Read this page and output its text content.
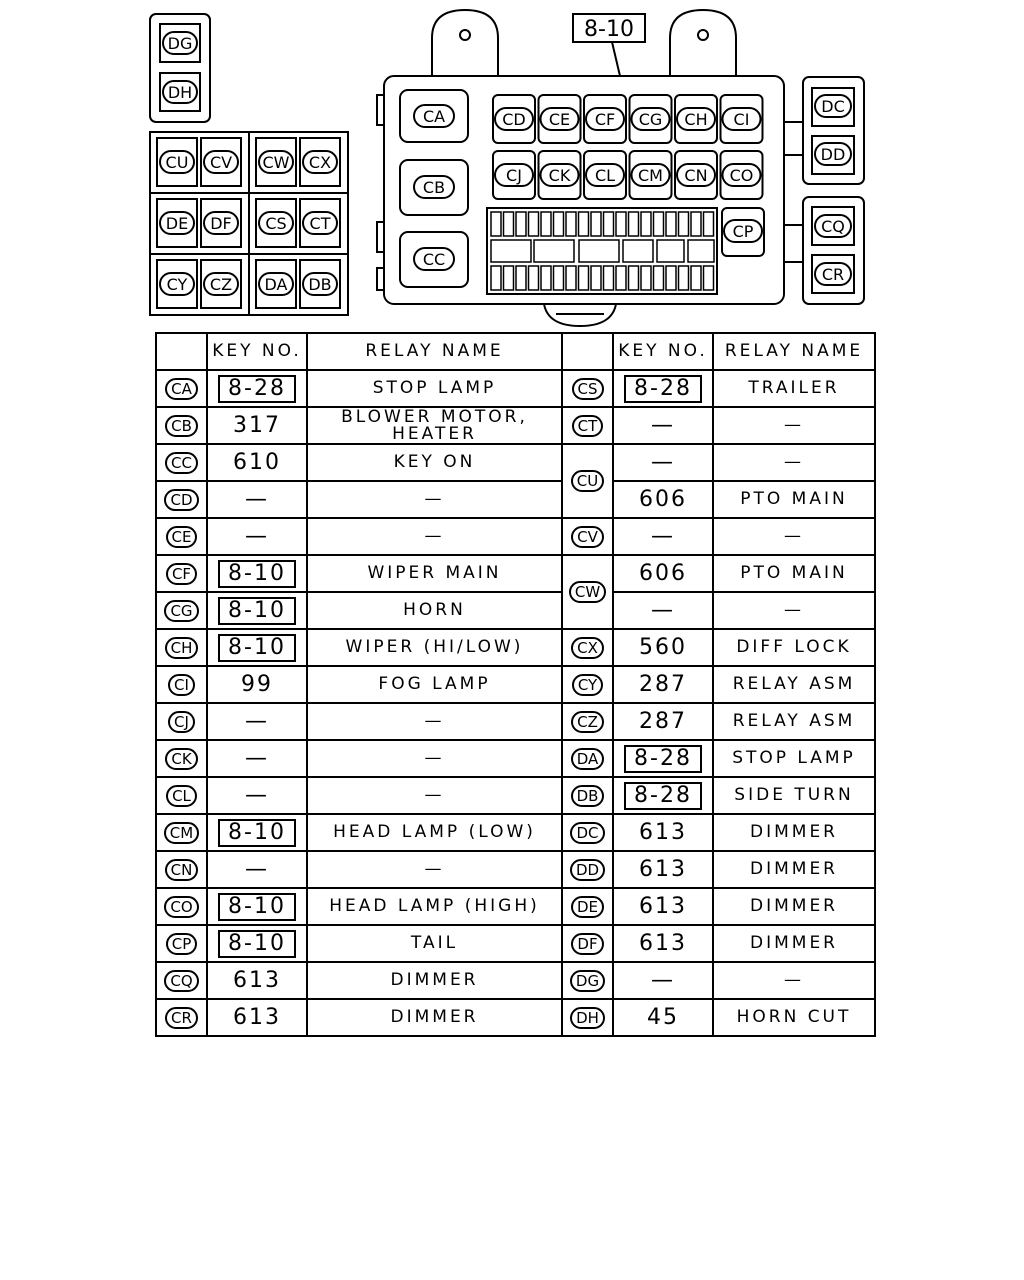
DG
DH
CU CV CW CX
DE DF CS CT
CY CZ DA DB
CA
CB
CC
CD CE CF CG CH CI
CJ CK CL CM CN CO
CP
8-10
DC
DD
CQ
CR
	KEY NO.	RELAY NAME		KEY NO.	RELAY NAME
CA	8-28	STOP LAMP	CS	8-28	TRAILER
CB	317	BLOWER MOTOR, HEATER	CT	—	—
CC	610	KEY ON	CU	—	—
CD	—	—		606	PTO MAIN
CE	—	—	CV	—	—
CF	8-10	WIPER MAIN	CW	606	PTO MAIN
CG	8-10	HORN		—	—
CH	8-10	WIPER (HI/LOW)	CX	560	DIFF LOCK
CI	99	FOG LAMP	CY	287	RELAY ASM
CJ	—	—	CZ	287	RELAY ASM
CK	—	—	DA	8-28	STOP LAMP
CL	—	—	DB	8-28	SIDE TURN
CM	8-10	HEAD LAMP (LOW)	DC	613	DIMMER
CN	—	—	DD	613	DIMMER
CO	8-10	HEAD LAMP (HIGH)	DE	613	DIMMER
CP	8-10	TAIL	DF	613	DIMMER
CQ	613	DIMMER	DG	—	—
CR	613	DIMMER	DH	45	HORN CUT
